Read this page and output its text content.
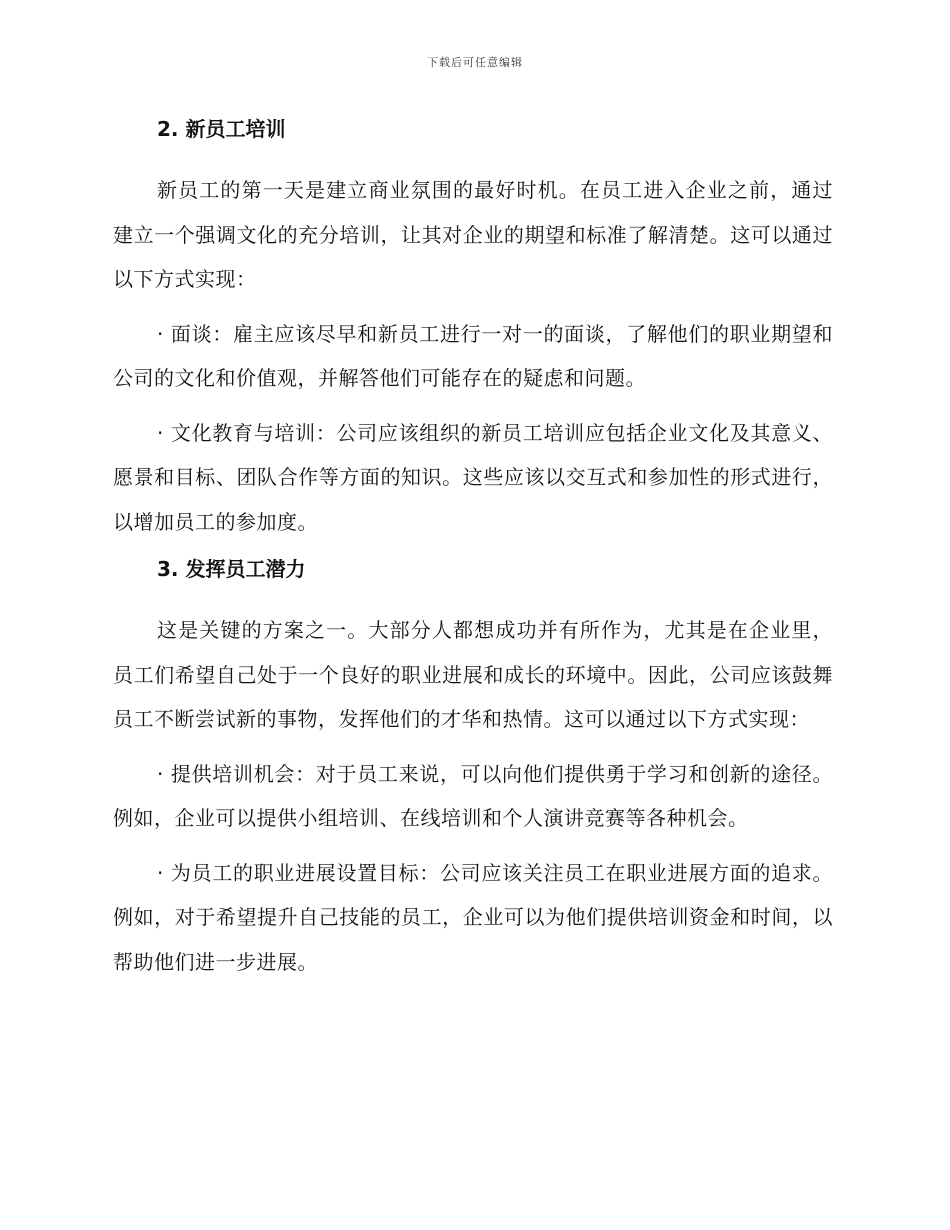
下载后可任意编辑
2. 新员工培训

新员工的第一天是建立商业氛围的最好时机。在员工进入企业之前，通过建立一个强调文化的充分培训，让其对企业的期望和标准了解清楚。这可以通过以下方式实现：

· 面谈：雇主应该尽早和新员工进行一对一的面谈，了解他们的职业期望和公司的文化和价值观，并解答他们可能存在的疑虑和问题。

· 文化教育与培训：公司应该组织的新员工培训应包括企业文化及其意义、愿景和目标、团队合作等方面的知识。这些应该以交互式和参加性的形式进行，以增加员工的参加度。

3. 发挥员工潜力

这是关键的方案之一。大部分人都想成功并有所作为，尤其是在企业里，员工们希望自己处于一个良好的职业进展和成长的环境中。因此，公司应该鼓舞员工不断尝试新的事物，发挥他们的才华和热情。这可以通过以下方式实现：

· 提供培训机会：对于员工来说，可以向他们提供勇于学习和创新的途径。例如，企业可以提供小组培训、在线培训和个人演讲竞赛等各种机会。

· 为员工的职业进展设置目标：公司应该关注员工在职业进展方面的追求。例如，对于希望提升自己技能的员工，企业可以为他们提供培训资金和时间，以帮助他们进一步进展。
